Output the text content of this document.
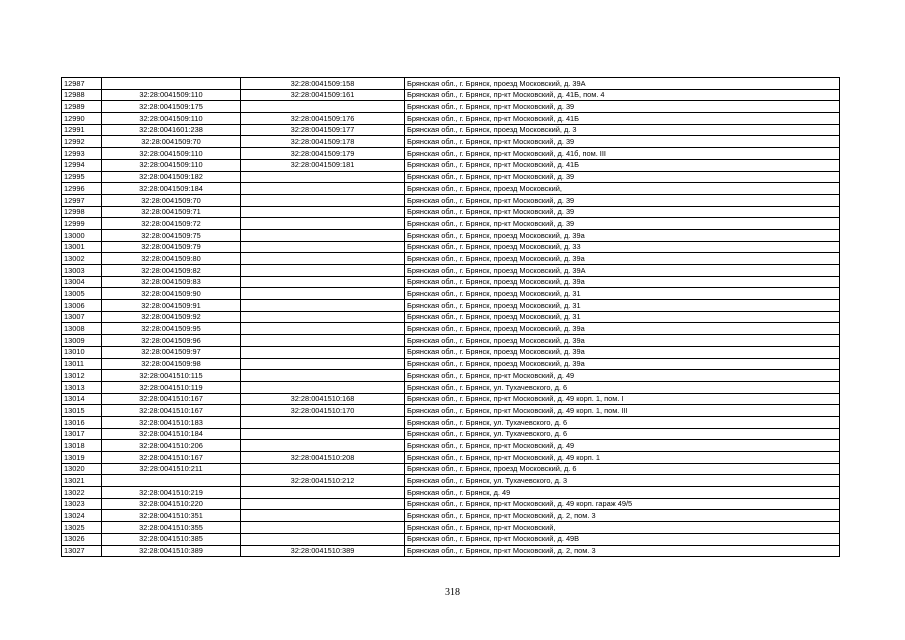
12987		32:28:0041509:158	Брянская обл., г. Брянск, проезд Московский, д. 39А
12988	32:28:0041509:110	32:28:0041509:161	Брянская обл., г. Брянск, пр-кт Московский, д. 41Б, пом. 4
12989	32:28:0041509:175		Брянская обл., г. Брянск, пр-кт Московский, д. 39
12990	32:28:0041509:110	32:28:0041509:176	Брянская обл., г. Брянск, пр-кт Московский, д. 41Б
12991	32:28:0041601:238	32:28:0041509:177	Брянская обл., г. Брянск, проезд Московский, д. 3
12992	32:28:0041509:70	32:28:0041509:178	Брянская обл., г. Брянск, пр-кт Московский, д. 39
12993	32:28:0041509:110	32:28:0041509:179	Брянская обл., г. Брянск, пр-кт Московский, д. 41б, пом. III
12994	32:28:0041509:110	32:28:0041509:181	Брянская обл., г. Брянск, пр-кт Московский, д. 41Б
12995	32:28:0041509:182		Брянская обл., г. Брянск, пр-кт Московский, д. 39
12996	32:28:0041509:184		Брянская обл., г. Брянск, проезд Московский,
12997	32:28:0041509:70		Брянская обл., г. Брянск, пр-кт Московский, д. 39
12998	32:28:0041509:71		Брянская обл., г. Брянск, пр-кт Московский, д. 39
12999	32:28:0041509:72		Брянская обл., г. Брянск, пр-кт Московский, д. 39
13000	32:28:0041509:75		Брянская обл., г. Брянск, проезд Московский, д. 39а
13001	32:28:0041509:79		Брянская обл., г. Брянск, проезд Московский, д. 33
13002	32:28:0041509:80		Брянская обл., г. Брянск, проезд Московский, д. 39а
13003	32:28:0041509:82		Брянская обл., г. Брянск, проезд Московский, д. 39А
13004	32:28:0041509:83		Брянская обл., г. Брянск, проезд Московский, д. 39а
13005	32:28:0041509:90		Брянская обл., г. Брянск, проезд Московский, д. 31
13006	32:28:0041509:91		Брянская обл., г. Брянск, проезд Московский, д. 31
13007	32:28:0041509:92		Брянская обл., г. Брянск, проезд Московский, д. 31
13008	32:28:0041509:95		Брянская обл., г. Брянск, проезд Московский, д. 39а
13009	32:28:0041509:96		Брянская обл., г. Брянск, проезд Московский, д. 39а
13010	32:28:0041509:97		Брянская обл., г. Брянск, проезд Московский, д. 39а
13011	32:28:0041509:98		Брянская обл., г. Брянск, проезд Московский, д. 39а
13012	32:28:0041510:115		Брянская обл., г. Брянск, пр-кт Московский, д. 49
13013	32:28:0041510:119		Брянская обл., г. Брянск, ул. Тухачевского, д. 6
13014	32:28:0041510:167	32:28:0041510:168	Брянская обл., г. Брянск, пр-кт Московский, д. 49 корп. 1, пом. I
13015	32:28:0041510:167	32:28:0041510:170	Брянская обл., г. Брянск, пр-кт Московский, д. 49 корп. 1, пом. III
13016	32:28:0041510:183		Брянская обл., г. Брянск, ул. Тухачевского, д. 6
13017	32:28:0041510:184		Брянская обл., г. Брянск, ул. Тухачевского, д. 6
13018	32:28:0041510:206		Брянская обл., г. Брянск, пр-кт Московский, д. 49
13019	32:28:0041510:167	32:28:0041510:208	Брянская обл., г. Брянск, пр-кт Московский, д. 49 корп. 1
13020	32:28:0041510:211		Брянская обл., г. Брянск, проезд Московский, д. 6
13021		32:28:0041510:212	Брянская обл., г. Брянск, ул. Тухачевского, д. 3
13022	32:28:0041510:219		Брянская обл., г. Брянск, д. 49
13023	32:28:0041510:220		Брянская обл., г. Брянск, пр-кт Московский, д. 49 корп. гараж 49/5
13024	32:28:0041510:351		Брянская обл., г. Брянск, пр-кт Московский, д. 2, пом. 3
13025	32:28:0041510:355		Брянская обл., г. Брянск, пр-кт Московский,
13026	32:28:0041510:385		Брянская обл., г. Брянск, пр-кт Московский, д. 49В
13027	32:28:0041510:389	32:28:0041510:389	Брянская обл., г. Брянск, пр-кт Московский, д. 2, пом. 3
318
